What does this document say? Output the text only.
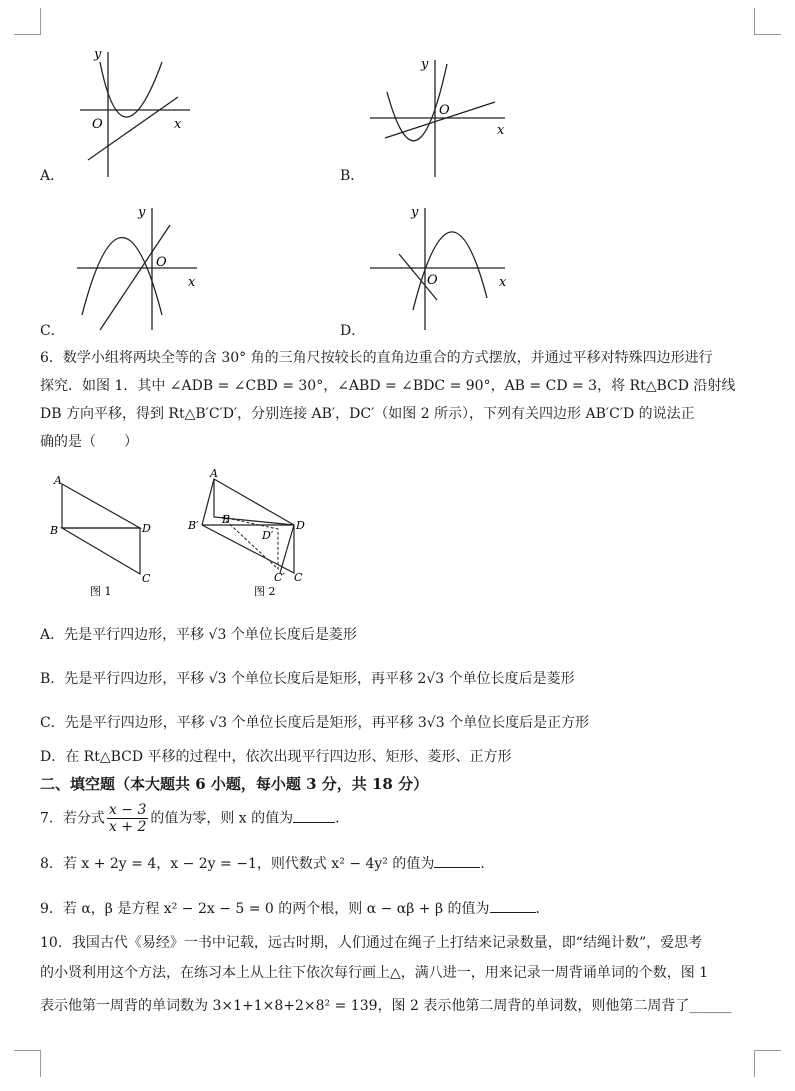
y
x
O
A．
y
x
O
B．
y
x
O
C．
y
x
O
D．
6．数学小组将两块全等的含 30° 角的三角尺按较长的直角边重合的方式摆放，并通过平移对特殊四边形进行
探究．如图 1．其中 ∠ADB = ∠CBD = 30°，∠ABD = ∠BDC = 90°，AB = CD = 3，将 Rt△BCD 沿射线
DB 方向平移，得到 Rt△B′C′D′，分别连接 AB′，DC′（如图 2 所示），下列有关四边形 AB′C′D 的说法正
确的是（　　）
A
B	D
C
图 1
A
B′ B
D′
D
C′ C
图 2
A．先是平行四边形，平移 √3 个单位长度后是菱形
B．先是平行四边形，平移 √3 个单位长度后是矩形，再平移 2√3 个单位长度后是菱形
C．先是平行四边形，平移 √3 个单位长度后是矩形，再平移 3√3 个单位长度后是正方形
D．在 Rt△BCD 平移的过程中，依次出现平行四边形、矩形、菱形、正方形
二、填空题（本大题共 6 小题，每小题 3 分，共 18 分）
7．若分式 $\frac{x - 3}{x + 2}$ 的值为零，则 x 的值为	．
8．若 x + 2y = 4，x − 2y = −1，则代数式 x² − 4y² 的值为	．
9．若 α，β 是方程 x² − 2x − 5 = 0 的两个根，则 α − αβ + β 的值为	．
10．我国古代《易经》一书中记载，远古时期，人们通过在绳子上打结来记录数量，即“结绳计数”，爱思考
的小贤利用这个方法，在练习本上从上往下依次每行画上△，满八进一，用来记录一周背诵单词的个数，图 1
表示他第一周背的单词数为 3×1+1×8+2×8² = 139，图 2 表示他第二周背的单词数，则他第二周背了______
